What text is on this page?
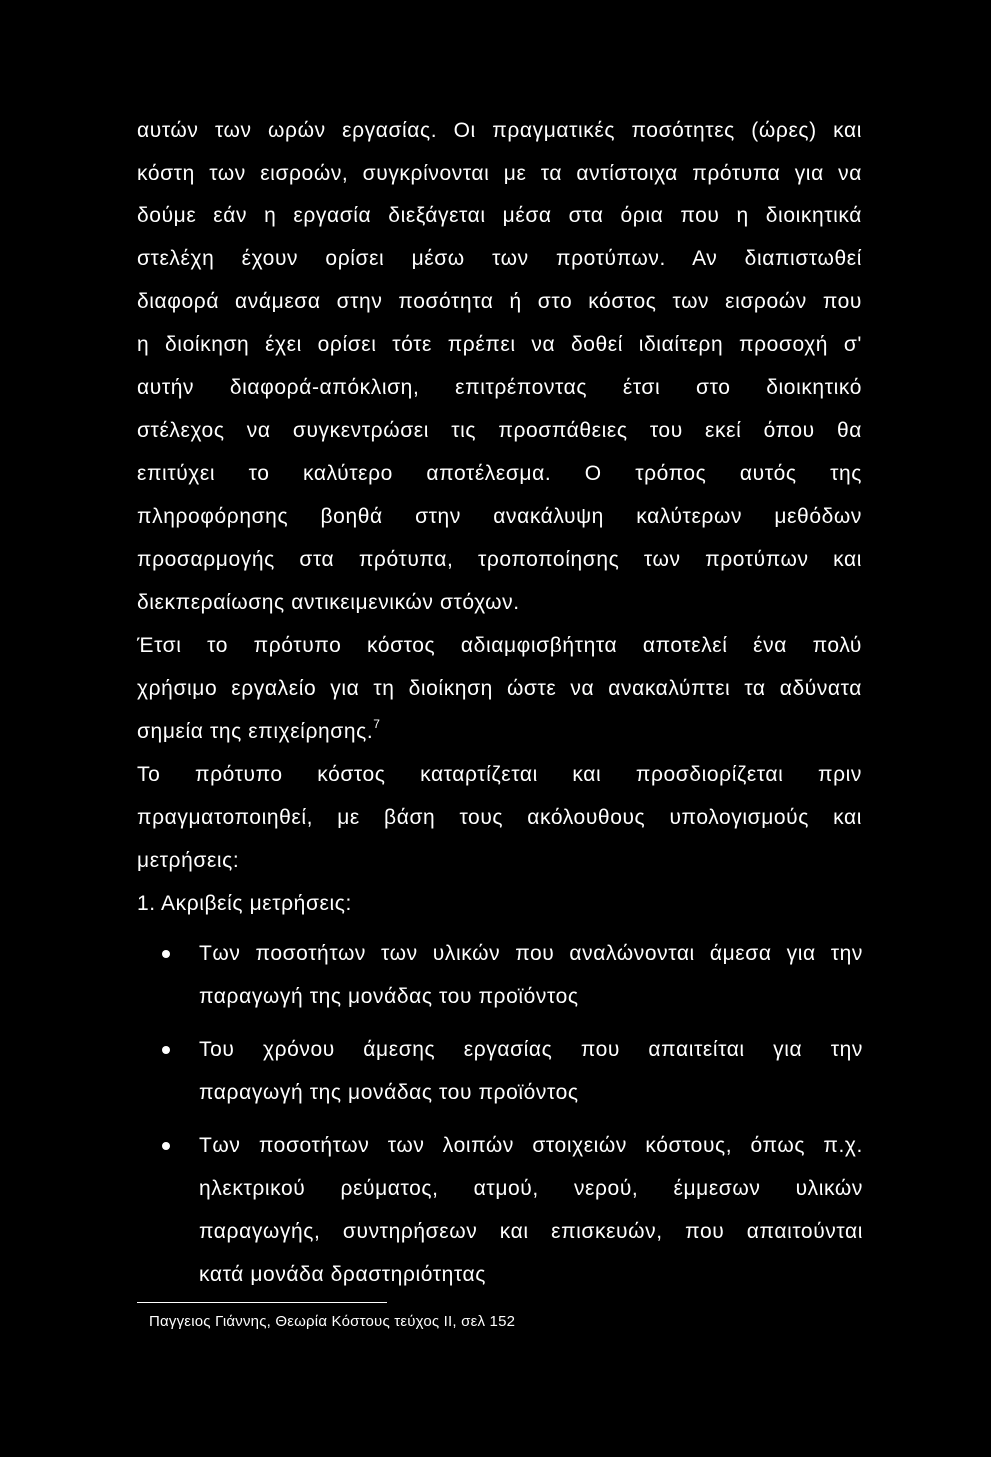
αυτών των ωρών εργασίας. Οι πραγματικές ποσότητες (ώρες) και
κόστη των εισροών, συγκρίνονται με τα αντίστοιχα πρότυπα για να
δούμε εάν η εργασία διεξάγεται μέσα στα όρια που η διοικητικά
στελέχη έχουν ορίσει μέσω των προτύπων. Αν διαπιστωθεί
διαφορά ανάμεσα στην ποσότητα ή στο κόστος των εισροών που
η διοίκηση έχει ορίσει τότε πρέπει να δοθεί ιδιαίτερη προσοχή σ'
αυτήν διαφορά-απόκλιση, επιτρέποντας έτσι στο διοικητικό
στέλεχος να συγκεντρώσει τις προσπάθειες του εκεί όπου θα
επιτύχει το καλύτερο αποτέλεσμα. Ο τρόπος αυτός της
πληροφόρησης βοηθά στην ανακάλυψη καλύτερων μεθόδων
προσαρμογής στα πρότυπα, τροποποίησης των προτύπων και
διεκπεραίωσης αντικειμενικών στόχων.
Έτσι το πρότυπο κόστος αδιαμφισβήτητα αποτελεί ένα πολύ
χρήσιμο εργαλείο για τη διοίκηση ώστε να ανακαλύπτει τα αδύνατα
σημεία της επιχείρησης.$^7$
Το πρότυπο κόστος καταρτίζεται και προσδιορίζεται πριν
πραγματοποιηθεί, με βάση τους ακόλουθους υπολογισμούς και
μετρήσεις:
1. Ακριβείς μετρήσεις:
Των ποσοτήτων των υλικών που αναλώνονται άμεσα για την
παραγωγή της μονάδας του προϊόντος
Του χρόνου άμεσης εργασίας που απαιτείται για την
παραγωγή της μονάδας του προϊόντος
Των ποσοτήτων των λοιπών στοιχειών κόστους, όπως π.χ.
ηλεκτρικού ρεύματος, ατμού, νερού, έμμεσων υλικών
παραγωγής, συντηρήσεων και επισκευών, που απαιτούνται
κατά μονάδα δραστηριότητας
Παγγειος Γιάννης, Θεωρία Κόστους τεύχος ΙΙ, σελ 152
